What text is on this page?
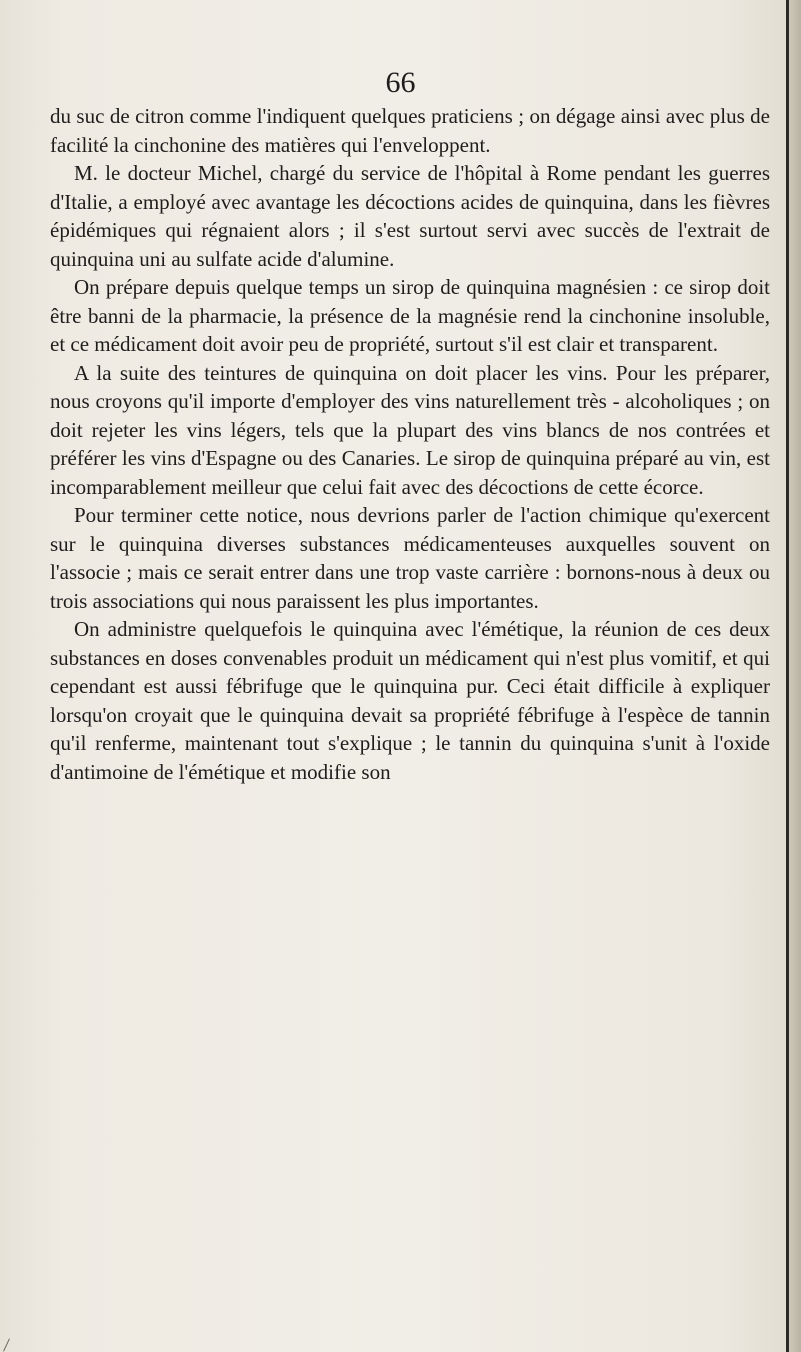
66

du suc de citron comme l'indiquent quelques praticiens ; on dégage ainsi avec plus de facilité la cinchonine des matières qui l'enveloppent.

M. le docteur Michel, chargé du service de l'hôpital à Rome pendant les guerres d'Italie, a employé avec avantage les décoctions acides de quinquina, dans les fièvres épidémiques qui régnaient alors ; il s'est surtout servi avec succès de l'extrait de quinquina uni au sulfate acide d'alumine.

On prépare depuis quelque temps un sirop de quinquina magnésien : ce sirop doit être banni de la pharmacie, la présence de la magnésie rend la cinchonine insoluble, et ce médicament doit avoir peu de propriété, surtout s'il est clair et transparent.

A la suite des teintures de quinquina on doit placer les vins. Pour les préparer, nous croyons qu'il importe d'employer des vins naturellement très - alcoholiques ; on doit rejeter les vins légers, tels que la plupart des vins blancs de nos contrées et préférer les vins d'Espagne ou des Canaries. Le sirop de quinquina préparé au vin, est incomparablement meilleur que celui fait avec des décoctions de cette écorce.

Pour terminer cette notice, nous devrions parler de l'action chimique qu'exercent sur le quinquina diverses substances médicamenteuses auxquelles souvent on l'associe ; mais ce serait entrer dans une trop vaste carrière : bornons-nous à deux ou trois associations qui nous paraissent les plus importantes.

On administre quelquefois le quinquina avec l'émétique, la réunion de ces deux substances en doses convenables produit un médicament qui n'est plus vomitif, et qui cependant est aussi fébrifuge que le quinquina pur. Ceci était difficile à expliquer lorsqu'on croyait que le quinquina devait sa propriété fébrifuge à l'espèce de tannin qu'il renferme, maintenant tout s'explique ; le tannin du quinquina s'unit à l'oxide d'antimoine de l'émétique et modifie son
